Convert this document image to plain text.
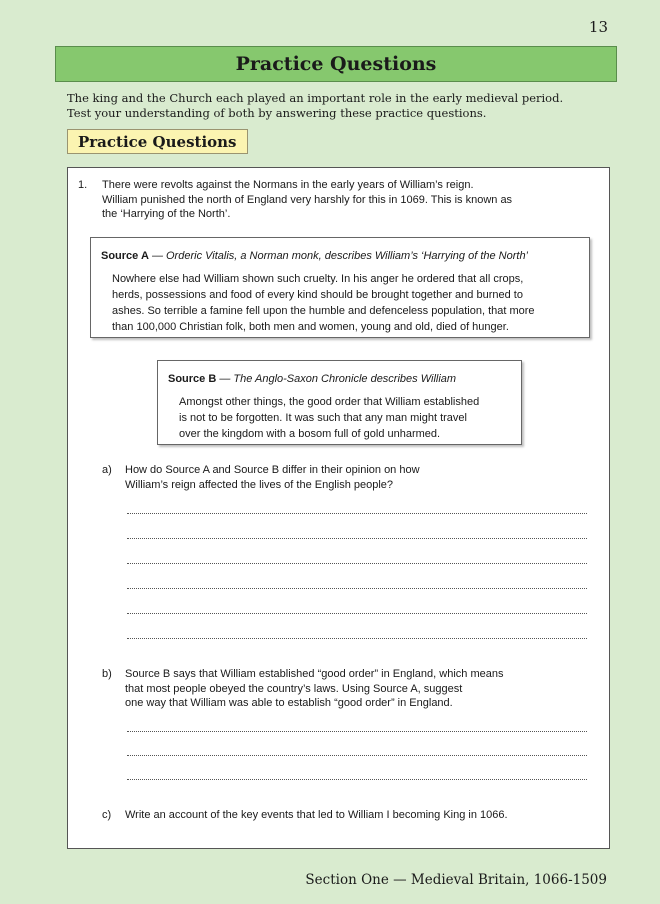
13
Practice Questions
The king and the Church each played an important role in the early medieval period.
Test your understanding of both by answering these practice questions.
Practice Questions
1. There were revolts against the Normans in the early years of William’s reign.
William punished the north of England very harshly for this in 1069. This is known as
the ‘Harrying of the North’.
Source A — Orderic Vitalis, a Norman monk, describes William’s ‘Harrying of the North’
Nowhere else had William shown such cruelty. In his anger he ordered that all crops,
herds, possessions and food of every kind should be brought together and burned to
ashes. So terrible a famine fell upon the humble and defenceless population, that more
than 100,000 Christian folk, both men and women, young and old, died of hunger.
Source B — The Anglo-Saxon Chronicle describes William
Amongst other things, the good order that William established
is not to be forgotten. It was such that any man might travel
over the kingdom with a bosom full of gold unharmed.
a) How do Source A and Source B differ in their opinion on how
William’s reign affected the lives of the English people?
b) Source B says that William established “good order” in England, which means
that most people obeyed the country’s laws. Using Source A, suggest
one way that William was able to establish “good order” in England.
c) Write an account of the key events that led to William I becoming King in 1066.
Section One — Medieval Britain, 1066-1509
